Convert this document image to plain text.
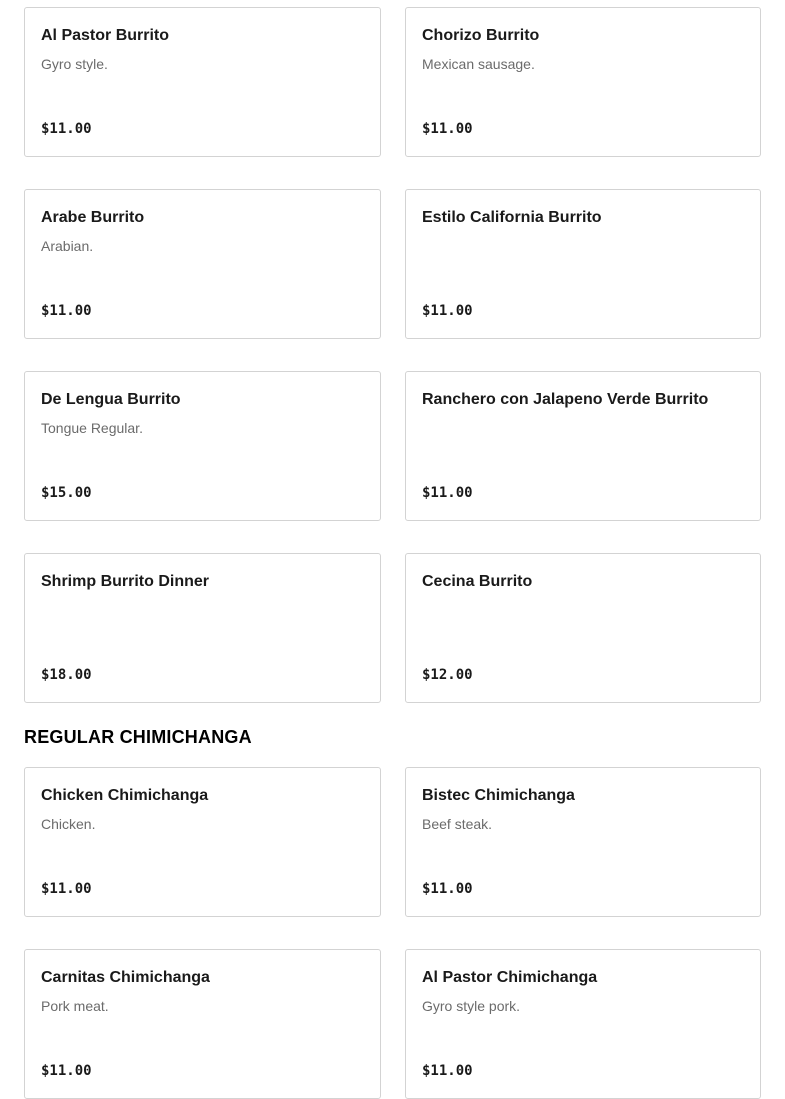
Al Pastor Burrito
Gyro style.
$11.00
Chorizo Burrito
Mexican sausage.
$11.00
Arabe Burrito
Arabian.
$11.00
Estilo California Burrito
$11.00
De Lengua Burrito
Tongue Regular.
$15.00
Ranchero con Jalapeno Verde Burrito
$11.00
Shrimp Burrito Dinner
$18.00
Cecina Burrito
$12.00
REGULAR CHIMICHANGA
Chicken Chimichanga
Chicken.
$11.00
Bistec Chimichanga
Beef steak.
$11.00
Carnitas Chimichanga
Pork meat.
$11.00
Al Pastor Chimichanga
Gyro style pork.
$11.00
